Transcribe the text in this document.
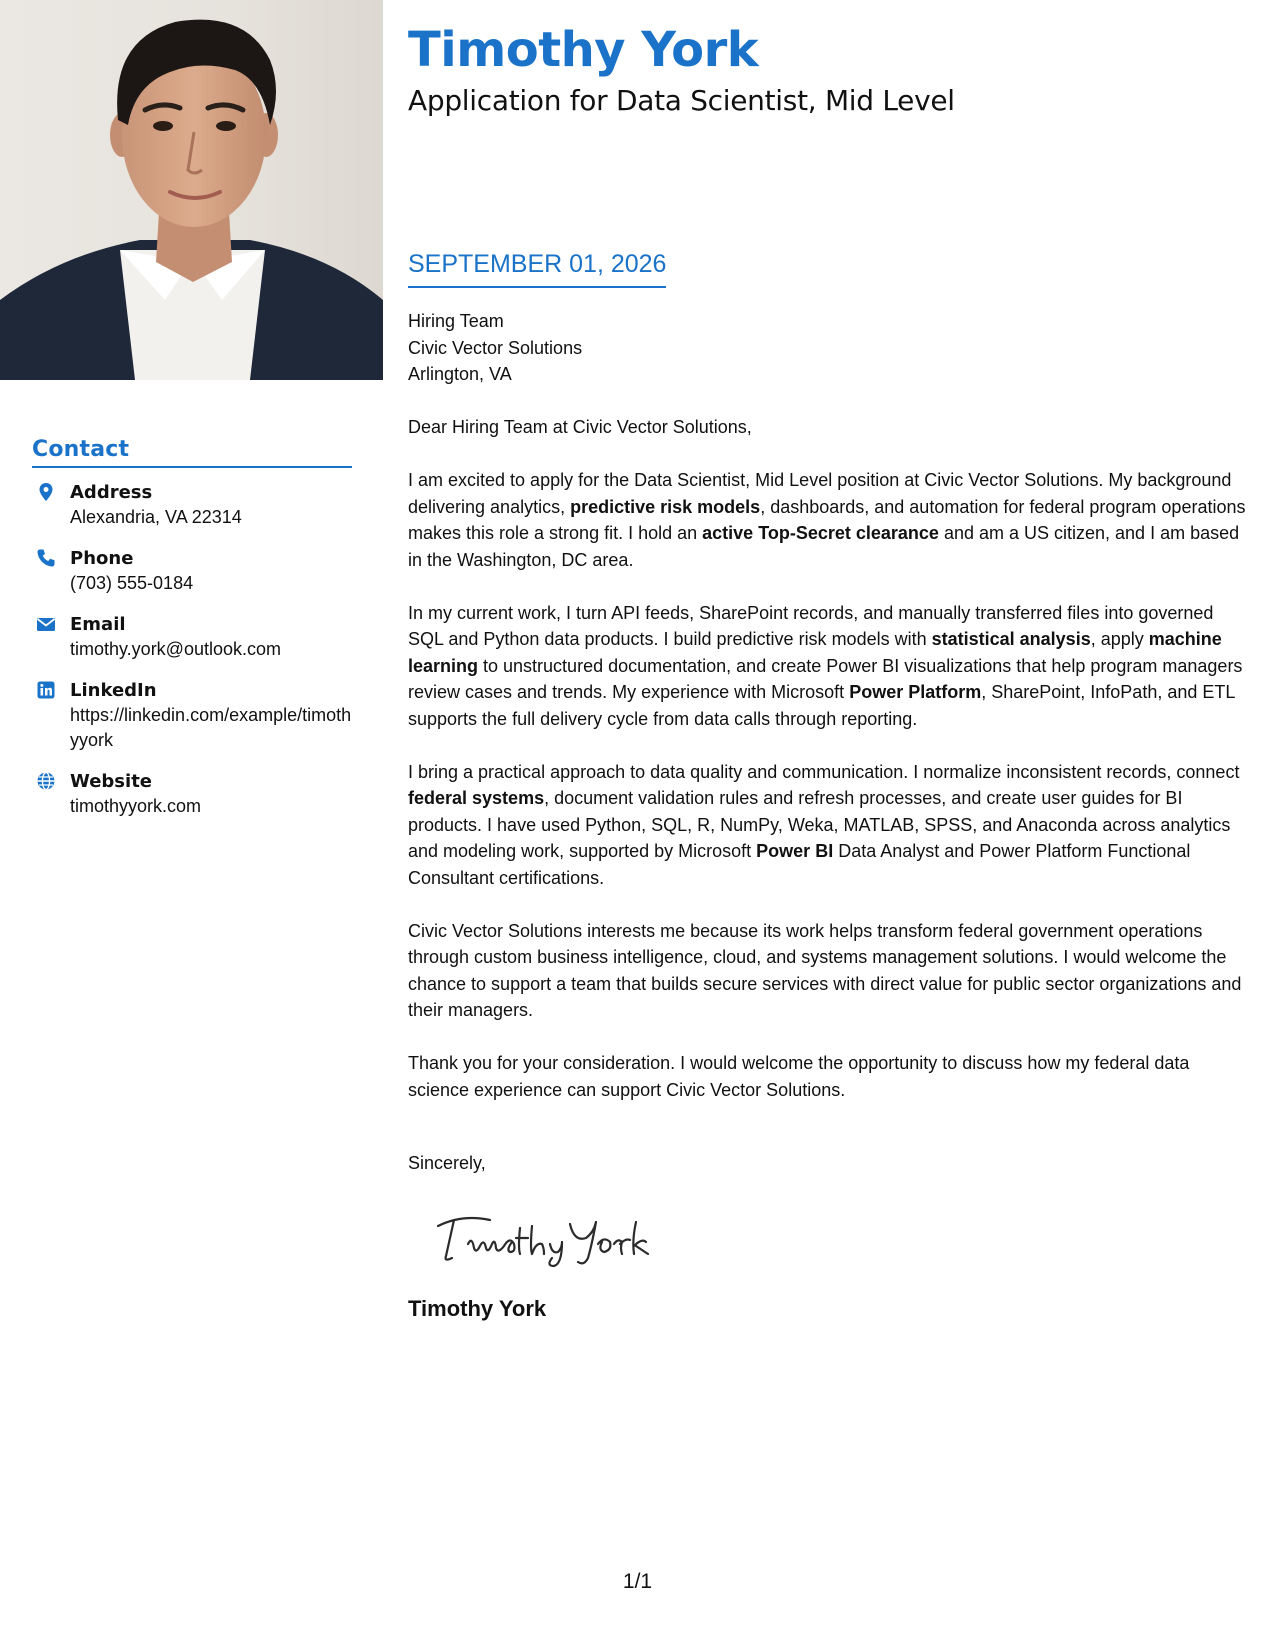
Contact
Address
Alexandria, VA 22314
Phone
(703) 555-0184
Email
timothy.york@outlook.com
LinkedIn
https://linkedin.com/example/timothyyork
Website
timothyyork.com
Timothy York
Application for Data Scientist, Mid Level
SEPTEMBER 01, 2026
Hiring Team
Civic Vector Solutions
Arlington, VA

Dear Hiring Team at Civic Vector Solutions,

I am excited to apply for the Data Scientist, Mid Level position at Civic Vector Solutions. My background delivering analytics, predictive risk models, dashboards, and automation for federal program operations makes this role a strong fit. I hold an active Top-Secret clearance and am a US citizen, and I am based in the Washington, DC area.

In my current work, I turn API feeds, SharePoint records, and manually transferred files into governed SQL and Python data products. I build predictive risk models with statistical analysis, apply machine learning to unstructured documentation, and create Power BI visualizations that help program managers review cases and trends. My experience with Microsoft Power Platform, SharePoint, InfoPath, and ETL supports the full delivery cycle from data calls through reporting.

I bring a practical approach to data quality and communication. I normalize inconsistent records, connect federal systems, document validation rules and refresh processes, and create user guides for BI products. I have used Python, SQL, R, NumPy, Weka, MATLAB, SPSS, and Anaconda across analytics and modeling work, supported by Microsoft Power BI Data Analyst and Power Platform Functional Consultant certifications.

Civic Vector Solutions interests me because its work helps transform federal government operations through custom business intelligence, cloud, and systems management solutions. I would welcome the chance to support a team that builds secure services with direct value for public sector organizations and their managers.

Thank you for your consideration. I would welcome the opportunity to discuss how my federal data science experience can support Civic Vector Solutions.

Sincerely,
Timothy York
1/1
